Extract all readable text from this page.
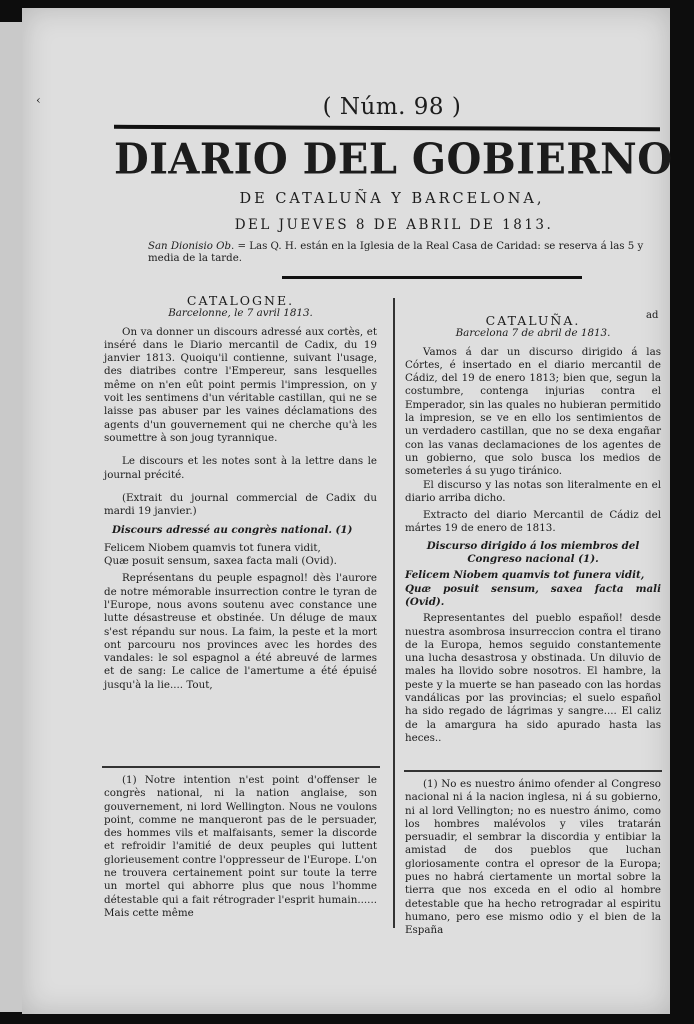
‹	( Núm. 98 )
DIARIO DEL GOBIERNO
DE CATALUÑA Y BARCELONA,
DEL JUEVES 8 DE ABRIL DE 1813.
San Dionisio Ob. = Las Q. H. están en la Iglesia de la Real Casa de Caridad: se reserva á las 5 y media de la tarde.
ad

CATALOGNE.

Barcelonne, le 7 avril 1813.

On va donner un discours adressé aux cortès, et inséré dans le Diario mercantil de Cadix, du 19 janvier 1813. Quoiqu'il contienne, suivant l'usage, des diatribes contre l'Empereur, sans lesquelles même on n'en eût point permis l'impression, on y voit les sentimens d'un véritable castillan, qui ne se laisse pas abuser par les vaines déclamations des agents d'un gouvernement qui ne cherche qu'à les soumettre à son joug tyrannique.

Le discours et les notes sont à la lettre dans le journal précité.

(Extrait du journal commercial de Cadix du mardi 19 janvier.)

Discours adressé au congrès national. (1)

Felicem Niobem quamvis tot funera vidit,

Quæ posuit sensum, saxea facta mali (Ovid).

Représentans du peuple espagnol! dès l'aurore de notre mémorable insurrection contre le tyran de l'Europe, nous avons soutenu avec constance une lutte désastreuse et obstinée. Un déluge de maux s'est répandu sur nous. La faim, la peste et la mort ont parcouru nos provinces avec les hordes des vandales: le sol espagnol a été abreuvé de larmes et de sang: Le calice de l'amertume a été épuisé jusqu'à la lie.... Tout,

(1) Notre intention n'est point d'offenser le congrès national, ni la nation anglaise, son gouvernement, ni lord Wellington. Nous ne voulons point, comme ne manqueront pas de le persuader, des hommes vils et malfaisants, semer la discorde et refroidir l'amitié de deux peuples qui luttent glorieusement contre l'oppresseur de l'Europe. L'on ne trouvera certainement point sur toute la terre un mortel qui abhorre plus que nous l'homme détestable qui a fait rétrograder l'esprit humain...... Mais cette même

CATALUÑA.

Barcelona 7 de abril de 1813.

Vamos á dar un discurso dirigido á las Córtes, é insertado en el diario mercantil de Cádiz, del 19 de enero 1813; bien que, segun la costumbre, contenga injurias contra el Emperador, sin las quales no hubieran permitido la impresion, se ve en ello los sentimientos de un verdadero castillan, que no se dexa engañar con las vanas declamaciones de los agentes de un gobierno, que solo busca los medios de someterles á su yugo tiránico.

El discurso y las notas son literalmente en el diario arriba dicho.

Extracto del diario Mercantil de Cádiz del mártes 19 de enero de 1813.

Discurso dirigido á los miembros del Congreso nacional (1).

Felicem Niobem quamvis tot funera vidit,

Quæ posuit sensum, saxea facta mali (Ovid).

Representantes del pueblo español! desde nuestra asombrosa insurreccion contra el tirano de la Europa, hemos seguido constantemente una lucha desastrosa y obstinada. Un diluvio de males ha llovido sobre nosotros. El hambre, la peste y la muerte se han paseado con las hordas vandálicas por las provincias; el suelo español ha sido regado de lágrimas y sangre.... El caliz de la amargura ha sido apurado hasta las heces..

(1) No es nuestro ánimo ofender al Congreso nacional ni á la nacion inglesa, ni á su gobierno, ni al lord Vellington; no es nuestro ánimo, como los hombres malévolos y viles tratarán persuadir, el sembrar la discordia y entibiar la amistad de dos pueblos que luchan gloriosamente contra el opresor de la Europa; pues no habrá ciertamente un mortal sobre la tierra que nos exceda en el odio al hombre detestable que ha hecho retrogradar al espiritu humano, pero ese mismo odio y el bien de la España
